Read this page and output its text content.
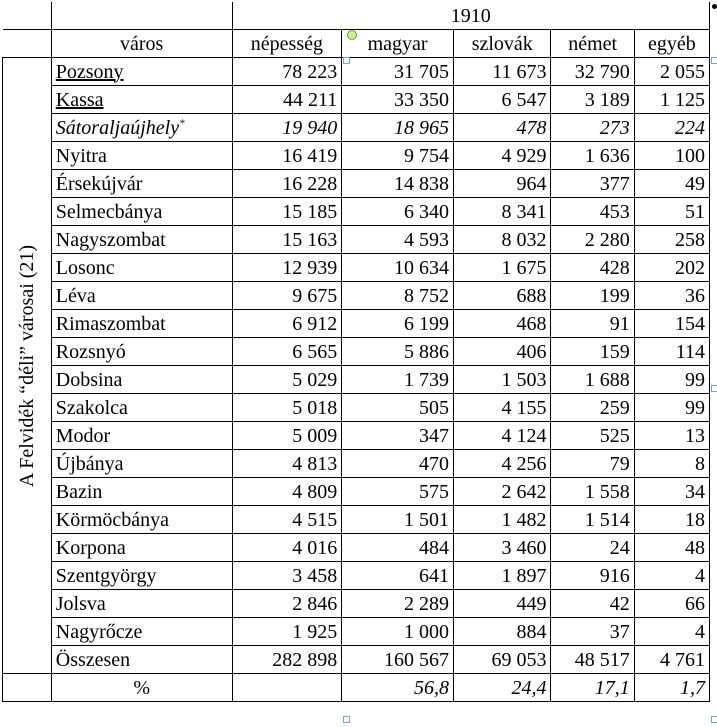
		1910				
	város	népesség	magyar	szlovák	német	egyéb

A Felvidék “déli” városai (21)	Pozsony	78 223	31 705	11 673	32 790	2 055
	Kassa	44 211	33 350	6 547	3 189	1 125
	Sátoraljaújhely*	19 940	18 965	478	273	224
	Nyitra	16 419	9 754	4 929	1 636	100
	Érsekújvár	16 228	14 838	964	377	49
	Selmecbánya	15 185	6 340	8 341	453	51
	Nagyszombat	15 163	4 593	8 032	2 280	258
	Losonc	12 939	10 634	1 675	428	202
	Léva	9 675	8 752	688	199	36
	Rimaszombat	6 912	6 199	468	91	154
	Rozsnyó	6 565	5 886	406	159	114
	Dobsina	5 029	1 739	1 503	1 688	99
	Szakolca	5 018	505	4 155	259	99
	Modor	5 009	347	4 124	525	13
	Újbánya	4 813	470	4 256	79	8
	Bazin	4 809	575	2 642	1 558	34
	Körmöcbánya	4 515	1 501	1 482	1 514	18
	Korpona	4 016	484	3 460	24	48
	Szentgyörgy	3 458	641	1 897	916	4
	Jolsva	2 846	2 289	449	42	66
	Nagyrőcze	1 925	1 000	884	37	4
	Összesen	282 898	160 567	69 053	48 517	4 761
	%		56,8	24,4	17,1	1,7
